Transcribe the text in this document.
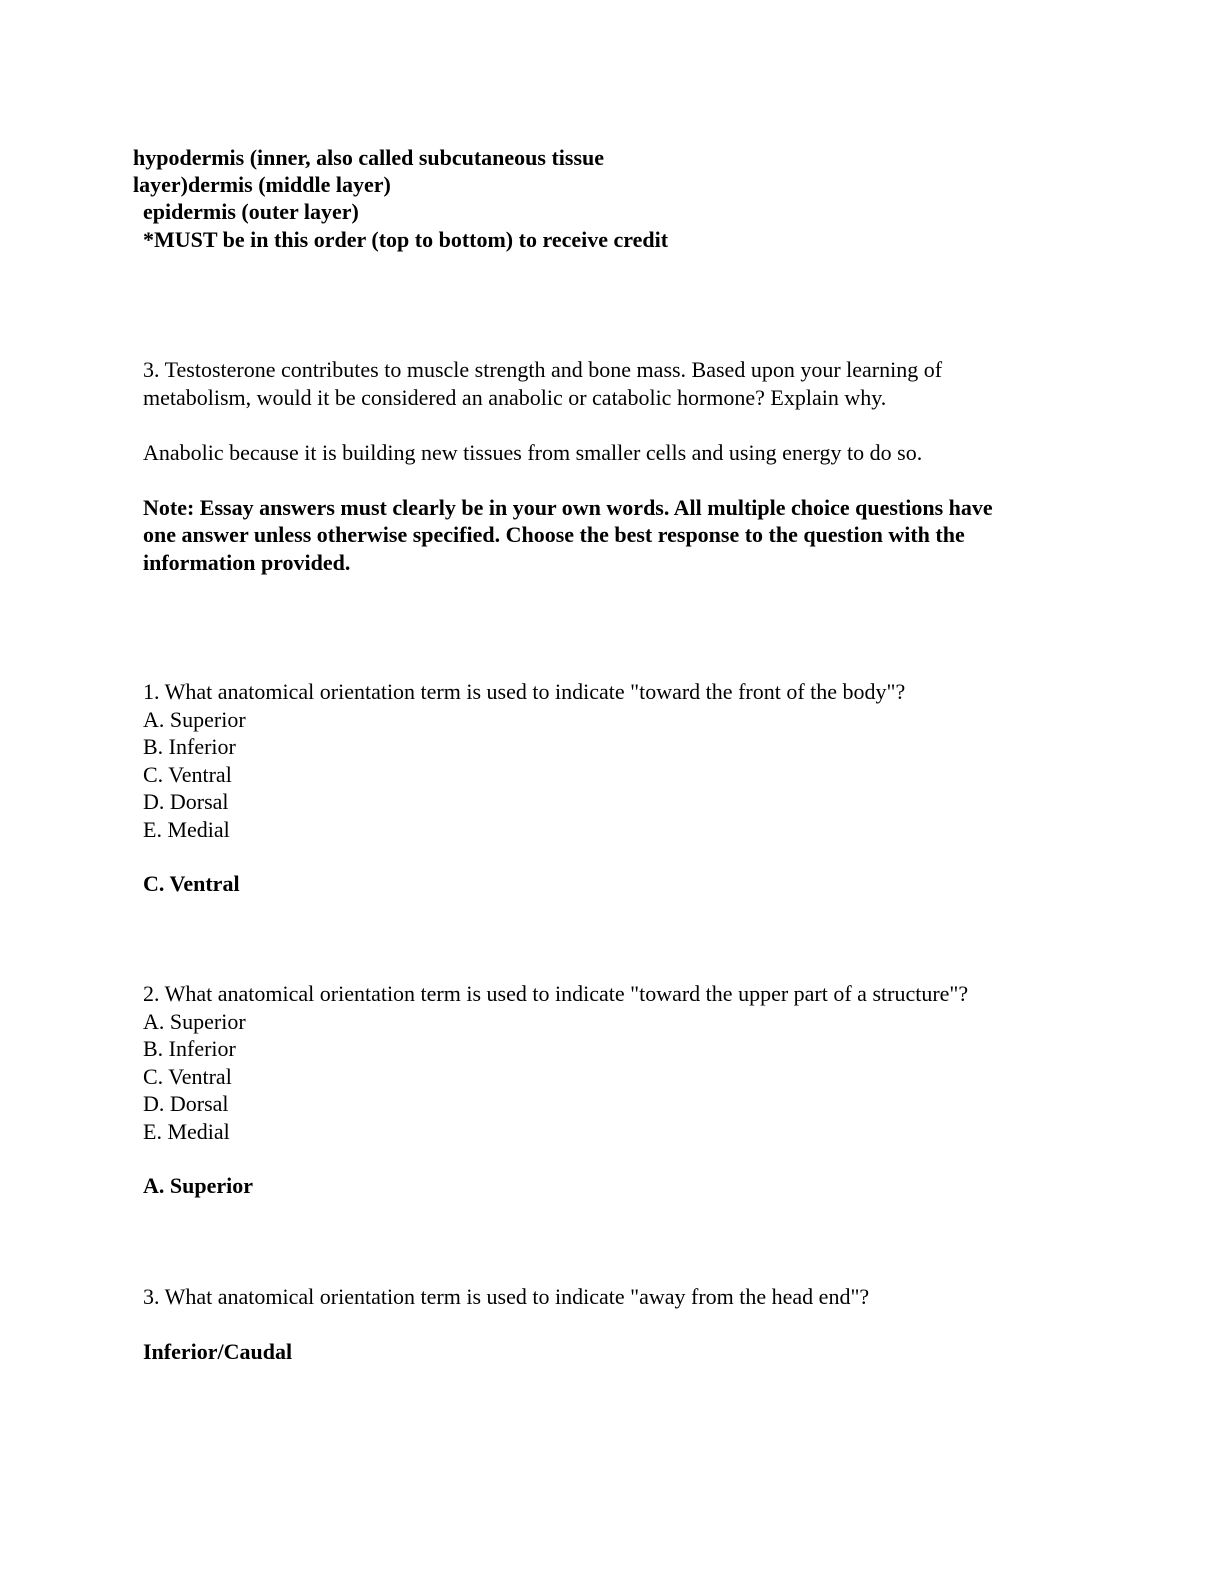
hypodermis (inner, also called subcutaneous tissue
layer)dermis (middle layer)
epidermis (outer layer)
*MUST be in this order (top to bottom) to receive credit
3. Testosterone contributes to muscle strength and bone mass. Based upon your learning of
metabolism, would it be considered an anabolic or catabolic hormone? Explain why.
Anabolic because it is building new tissues from smaller cells and using energy to do so.
Note: Essay answers must clearly be in your own words. All multiple choice questions have
one answer unless otherwise specified. Choose the best response to the question with the
information provided.
1. What anatomical orientation term is used to indicate "toward the front of the body"?
A. Superior
B. Inferior
C. Ventral
D. Dorsal
E. Medial
C. Ventral
2. What anatomical orientation term is used to indicate "toward the upper part of a structure"?
A. Superior
B. Inferior
C. Ventral
D. Dorsal
E. Medial
A. Superior
3. What anatomical orientation term is used to indicate "away from the head end"?
Inferior/Caudal
